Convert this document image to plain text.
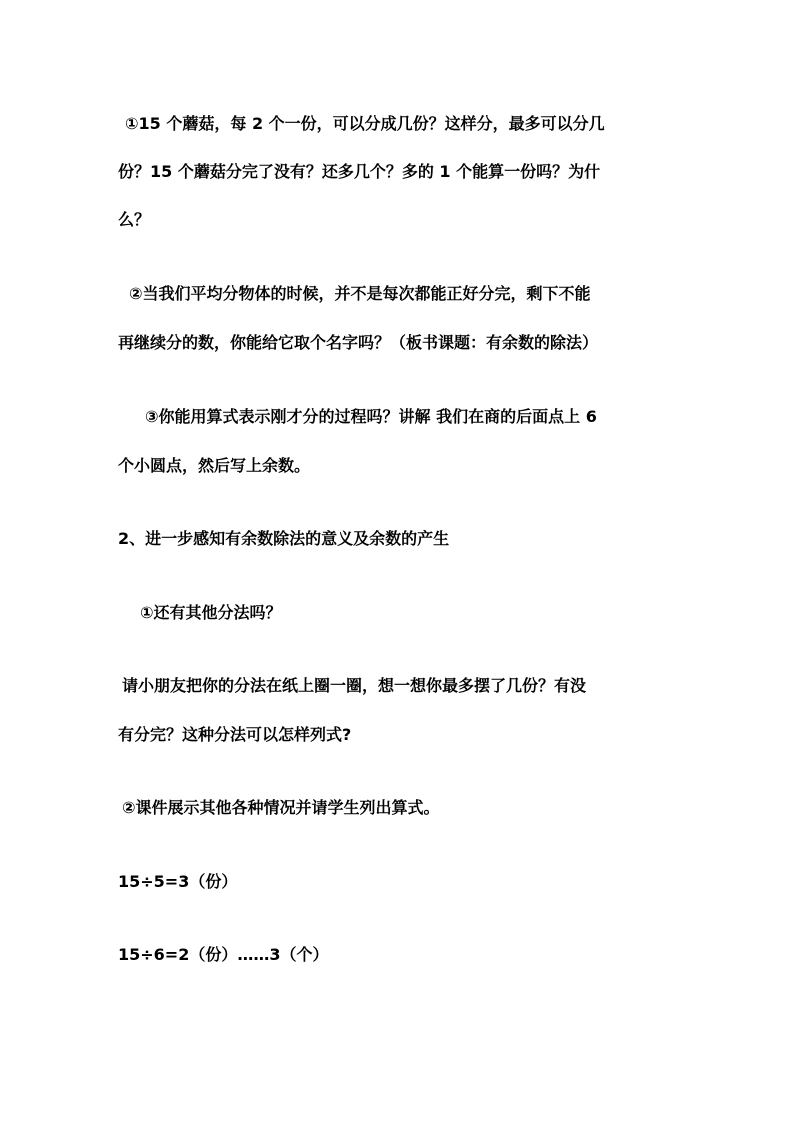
①15 个蘑菇，每 2 个一份，可以分成几份？这样分，最多可以分几
份？15 个蘑菇分完了没有？还多几个？多的 1 个能算一份吗？为什
么？
②当我们平均分物体的时候，并不是每次都能正好分完，剩下不能
再继续分的数，你能给它取个名字吗？（板书课题：有余数的除法）
③你能用算式表示刚才分的过程吗？讲解 我们在商的后面点上 6
个小圆点，然后写上余数。
2、进一步感知有余数除法的意义及余数的产生
①还有其他分法吗？
请小朋友把你的分法在纸上圈一圈，想一想你最多摆了几份？有没
有分完？这种分法可以怎样列式?
②课件展示其他各种情况并请学生列出算式。
15÷5=3（份）
15÷6=2（份）……3（个）
